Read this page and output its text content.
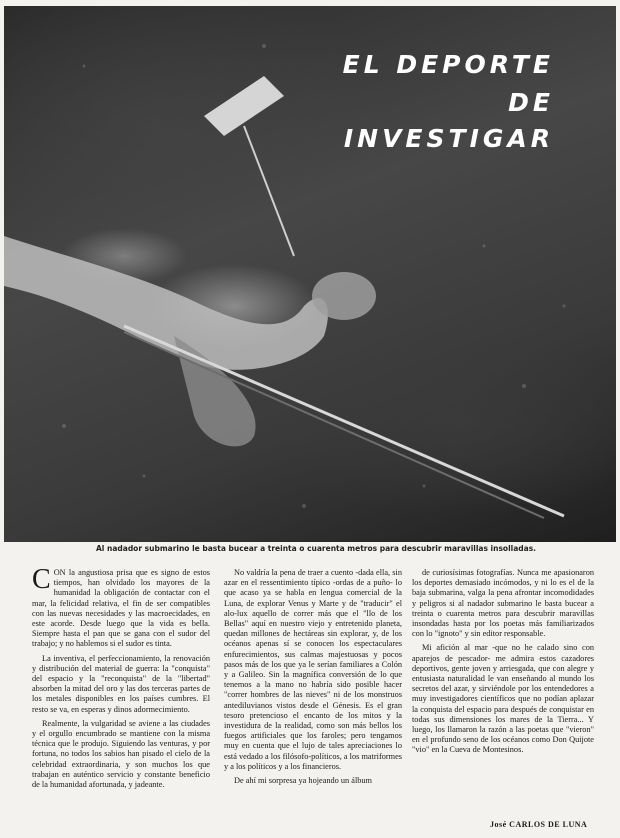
EL DEPORTE
DE
INVESTIGAR
Al nadador submarino le basta bucear a treinta o cuarenta metros para descubrir maravillas insolladas.

CON la angustiosa prisa que es signo de estos tiempos, han olvidado los mayores de la humanidad la obligación de contactar con el mar, la felicidad relativa, el fin de ser compatibles con las nuevas necesidades y las macroecidades, en este acorde. Desde luego que la vida es bella. Siempre hasta el pan que se gana con el sudor del trabajo; y no hablemos si el sudor es tinta.

La inventiva, el perfeccionamiento, la renovación y distribución del material de guerra: la "conquista" del espacio y la "reconquista" de la "libertad" absorben la mitad del oro y las dos terceras partes de los metales disponibles en los países cumbres. El resto se va, en esperas y dinos adormecimiento.

Realmente, la vulgaridad se aviene a las ciudades y el orgullo encumbrado se mantiene con la misma técnica que le produjo. Siguiendo las venturas, y por fortuna, no todos los sabios han pisado el cielo de la celebridad extraordinaria, y son muchos los que trabajan en auténtico servicio y constante beneficio de la humanidad afortunada, y jadeante.

No valdría la pena de traer a cuento -dada ella, sin azar en el ressentimiento típico -ordas de a puño- lo que acaso ya se habla en lengua comercial de la Luna, de explorar Venus y Marte y de "traducir" el alo-lux aquello de correr más que el "llo de los Bellas" aquí en nuestro viejo y entretenido planeta, quedan millones de hectáreas sin explorar, y, de los océanos apenas sí se conocen los espectaculares enfurecimientos, sus calmas majestuosas y pocos pasos más de los que ya le serían familiares a Colón y a Galileo. Sin la magnífica conversión de lo que tenemos a la mano no habría sido posible hacer "correr hombres de las nieves" ni de los monstruos antediluvianos vistos desde el Génesis. Es el gran tesoro pretencioso el encanto de los mitos y la investidura de la realidad, como son más bellos los fuegos artificiales que los faroles; pero tengamos muy en cuenta que el lujo de tales apreciaciones lo está vedado a los filósofo-políticos, a los matriformes y a los políticos y a los financieros.

De ahí mi sorpresa ya hojeando un álbum

de curiosísimas fotografías. Nunca me apasionaron los deportes demasiado incómodos, y ni lo es el de la baja submarina, valga la pena afrontar incomodidades y peligros si al nadador submarino le basta bucear a treinta o cuarenta metros para descubrir maravillas insondadas hasta por los poetas más familiarizados con lo "ignoto" y sin editor responsable.

Mi afición al mar -que no he calado sino con aparejos de pescador- me admira estos cazadores deportivos, gente joven y arriesgada, que con alegre y entusiasta naturalidad le van enseñando al mundo los secretos del azar, y sirviéndole por los entendedores a muy investigadores científicos que no podían aplazar la conquista del espacio para después de conquistar en todas sus dimensiones los mares de la Tierra... Y luego, los llamaron la razón a las poetas que "vieron" en el profundo seno de los océanos como Don Quijote "vio" en la Cueva de Montesinos.

José CARLOS DE LUNA
